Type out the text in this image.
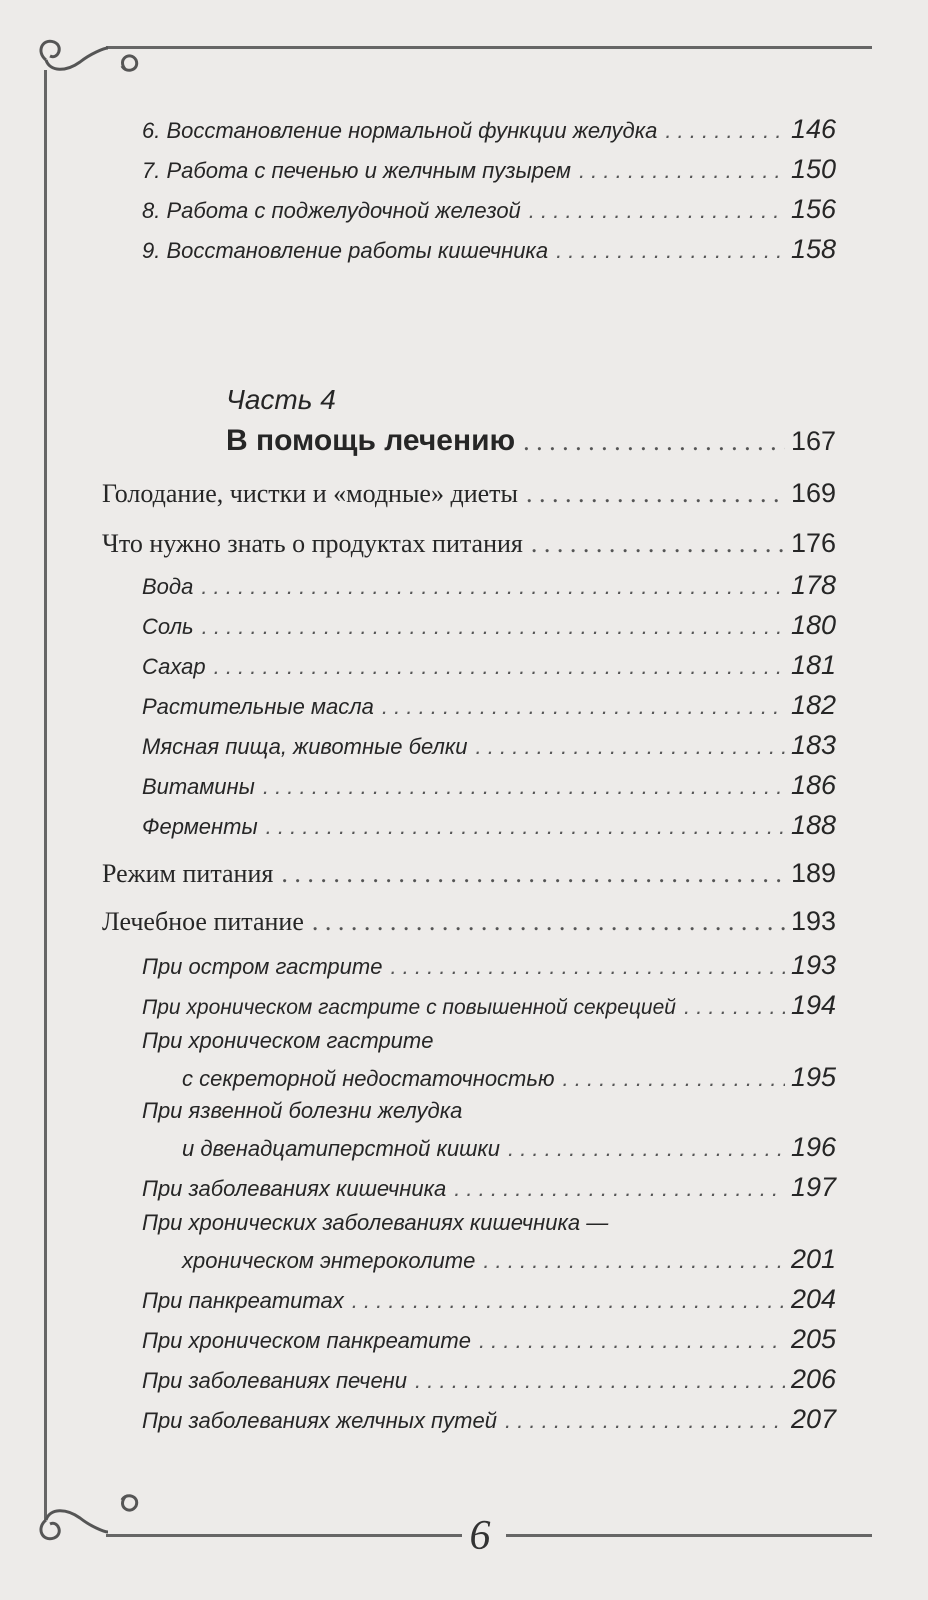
6
6. Восстановление нормальной функции желудка . . .	146
7. Работа с печенью и желчным пузырем . . .	150
8. Работа с поджелудочной железой . . .	156
9. Восстановление работы кишечника . . .	158
Часть 4
В помощь лечению . . .	167
Голодание, чистки и «модные» диеты . . .	169
Что нужно знать о продуктах питания . . .	176
Вода . . .	178
Соль . . .	180
Сахар . . .	181
Растительные масла . . .	182
Мясная пища, животные белки . . .	183
Витамины . . .	186
Ферменты . . .	188
Режим питания . . .	189
Лечебное питание . . .	193
При остром гастрите . . .	193
При хроническом гастрите с повышенной секрецией . . .	194
При хроническом гастрите
с секреторной недостаточностью . . .	195
При язвенной болезни желудка
и двенадцатиперстной кишки . . .	196
При заболеваниях кишечника . . .	197
При хронических заболеваниях кишечника —
хроническом энтероколите . . .	201
При панкреатитах . . .	204
При хроническом панкреатите . . .	205
При заболеваниях печени . . .	206
При заболеваниях желчных путей . . .	207
